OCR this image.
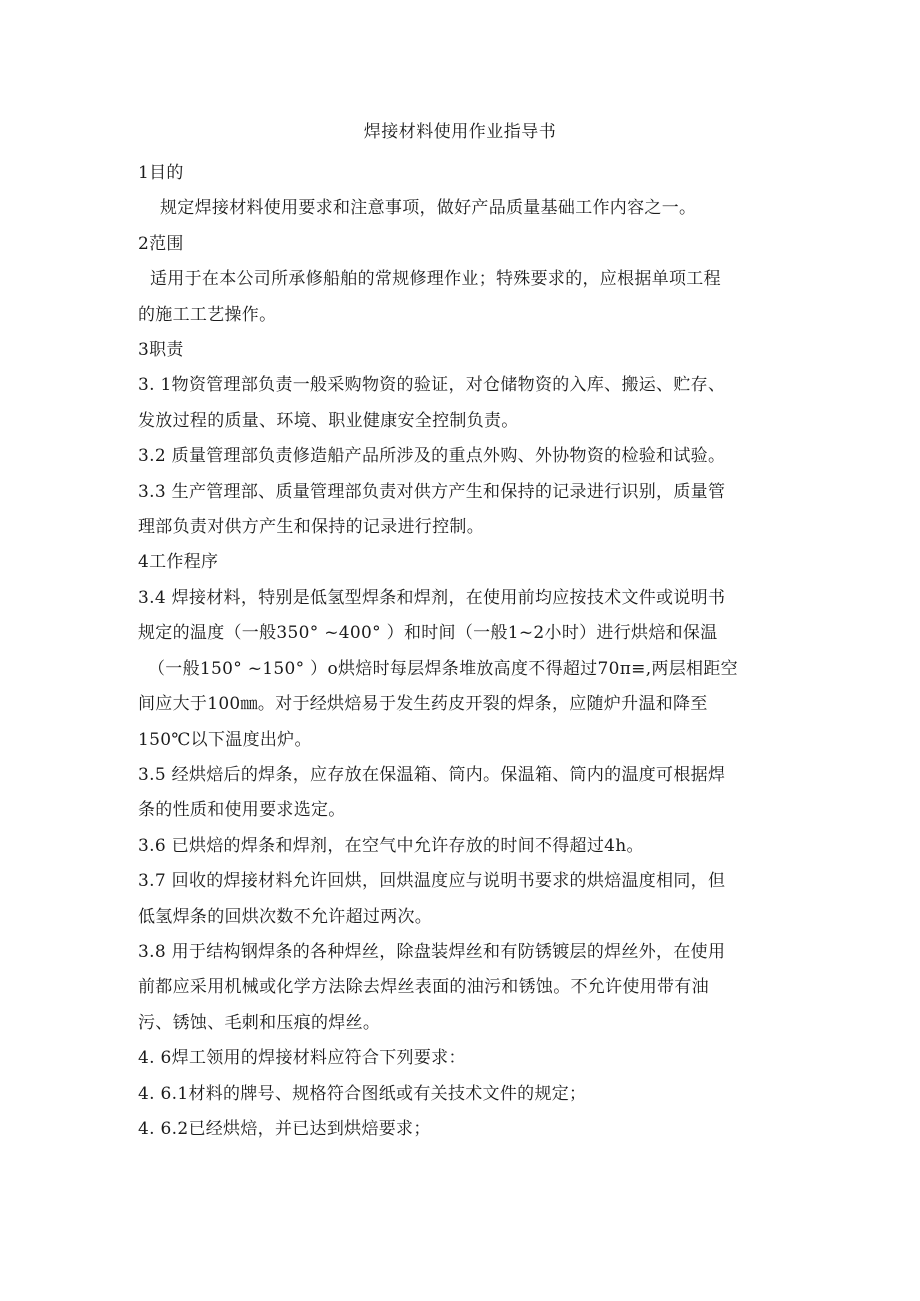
焊接材料使用作业指导书

1目的

规定焊接材料使用要求和注意事项，做好产品质量基础工作内容之一。

2范围

适用于在本公司所承修船舶的常规修理作业；特殊要求的，应根据单项工程

的施工工艺操作。

3职责

3. 1物资管理部负责一般采购物资的验证，对仓储物资的入库、搬运、贮存、

发放过程的质量、环境、职业健康安全控制负责。

3.2 质量管理部负责修造船产品所涉及的重点外购、外协物资的检验和试验。

3.3 生产管理部、质量管理部负责对供方产生和保持的记录进行识别，质量管

理部负责对供方产生和保持的记录进行控制。

4工作程序

3.4 焊接材料，特别是低氢型焊条和焊剂，在使用前均应按技术文件或说明书

规定的温度（一般350° ~400° ）和时间（一般1~2小时）进行烘焙和保温

（一般150° ~150° ）o烘焙时每层焊条堆放高度不得超过70π≡,两层相距空

间应大于100㎜。对于经烘焙易于发生药皮开裂的焊条，应随炉升温和降至

150℃以下温度出炉。

3.5 经烘焙后的焊条，应存放在保温箱、筒内。保温箱、筒内的温度可根据焊

条的性质和使用要求选定。

3.6 已烘焙的焊条和焊剂，在空气中允许存放的时间不得超过4h。

3.7 回收的焊接材料允许回烘，回烘温度应与说明书要求的烘焙温度相同，但

低氢焊条的回烘次数不允许超过两次。

3.8 用于结构钢焊条的各种焊丝，除盘装焊丝和有防锈镀层的焊丝外，在使用

前都应采用机械或化学方法除去焊丝表面的油污和锈蚀。不允许使用带有油

污、锈蚀、毛刺和压痕的焊丝。

4. 6焊工领用的焊接材料应符合下列要求：

4. 6.1材料的牌号、规格符合图纸或有关技术文件的规定；

4. 6.2已经烘焙，并已达到烘焙要求；
